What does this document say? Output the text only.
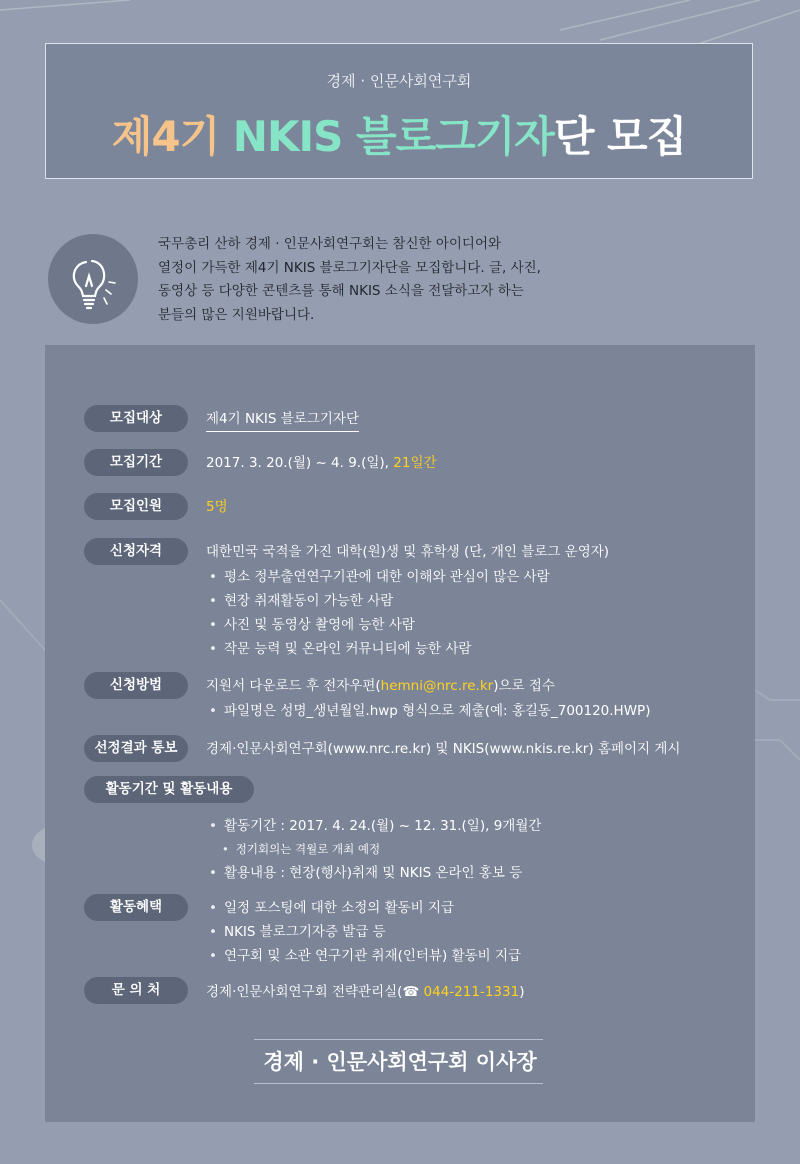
경제 · 인문사회연구회
제4기 NKIS 블로그기자단 모집
국무총리 산하 경제 · 인문사회연구회는 참신한 아이디어와
열정이 가득한 제4기 NKIS 블로그기자단을 모집합니다. 글, 사진,
동영상 등 다양한 콘텐츠를 통해 NKIS 소식을 전달하고자 하는
분들의 많은 지원바랍니다.
모집대상	제4기 NKIS 블로그기자단
모집기간	2017. 3. 20.(월) ~ 4. 9.(일), 21일간
모집인원	5명
신청자격	대한민국 국적을 가진 대학(원)생 및 휴학생 (단, 개인 블로그 운영자)
• 평소 정부출연연구기관에 대한 이해와 관심이 많은 사람
• 현장 취재활동이 가능한 사람
• 사진 및 동영상 촬영에 능한 사람
• 작문 능력 및 온라인 커뮤니티에 능한 사람
신청방법	지원서 다운로드 후 전자우편(hemni@nrc.re.kr)으로 접수
• 파일명은 성명_생년월일.hwp 형식으로 제출(예: 홍길동_700120.HWP)
선정결과 통보	경제·인문사회연구회(www.nrc.re.kr) 및 NKIS(www.nkis.re.kr) 홈페이지 게시
활동기간 및 활동내용
• 활동기간 : 2017. 4. 24.(월) ~ 12. 31.(일), 9개월간
• 정기회의는 격월로 개최 예정
• 활용내용 : 현장(행사)취재 및 NKIS 온라인 홍보 등
활동혜택
•	일정 포스팅에 대한 소정의 활동비 지급
• NKIS 블로그기자증 발급 등
• 연구회 및 소관 연구기관 취재(인터뷰) 활동비 지급
문 의 처	경제·인문사회연구회 전략관리실(☎ 044-211-1331)
경제 · 인문사회연구회 이사장
